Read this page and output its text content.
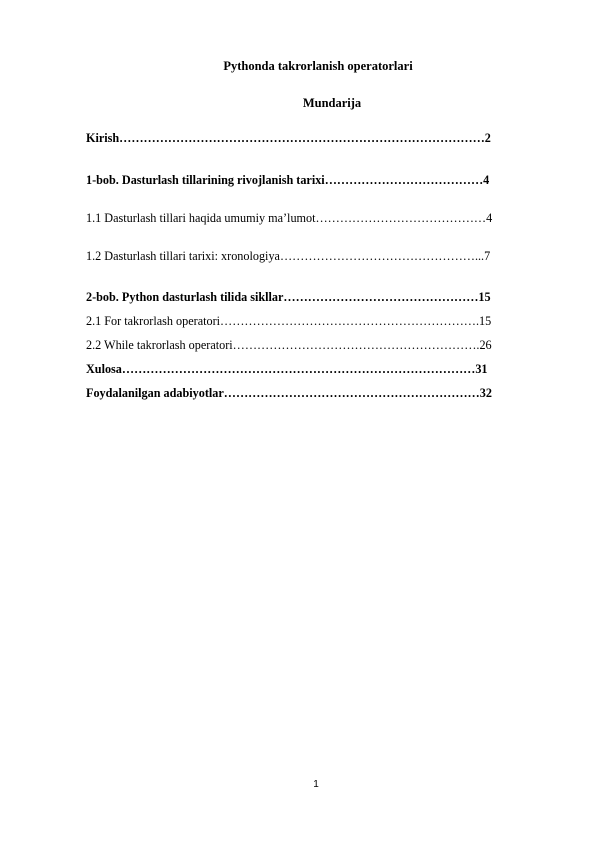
Pythonda takrorlanish operatorlari
Mundarija
Kirish………………………………………………………………………………2
1-bob. Dasturlash tillarining rivojlanish tarixi…………………………………4
1.1 Dasturlash tillari haqida umumiy ma’lumot……………………………………4
1.2 Dasturlash tillari tarixi: xronologiya…………………………………………...7
2-bob. Python dasturlash tilida sikllar…………………………………………15
2.1 For takrorlash operatori……………………………………………………….15
2.2 While takrorlash operatori…………………………………………………….26
Xulosa……………………………………………………………………………31
Foydalanilgan adabiyotlar………………………………………………………32
1
